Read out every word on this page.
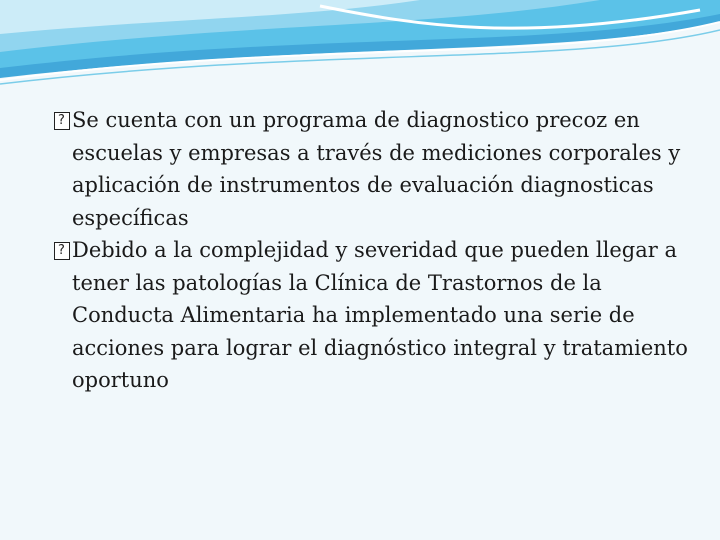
?
Se cuenta con un programa de diagnostico precoz en escuelas y empresas a través de mediciones corporales y aplicación de instrumentos de evaluación diagnosticas específicas

?
Debido a la complejidad y severidad que pueden llegar a tener las patologías la Clínica de Trastornos de la Conducta Alimentaria ha implementado una serie de acciones para lograr el diagnóstico integral y tratamiento oportuno
